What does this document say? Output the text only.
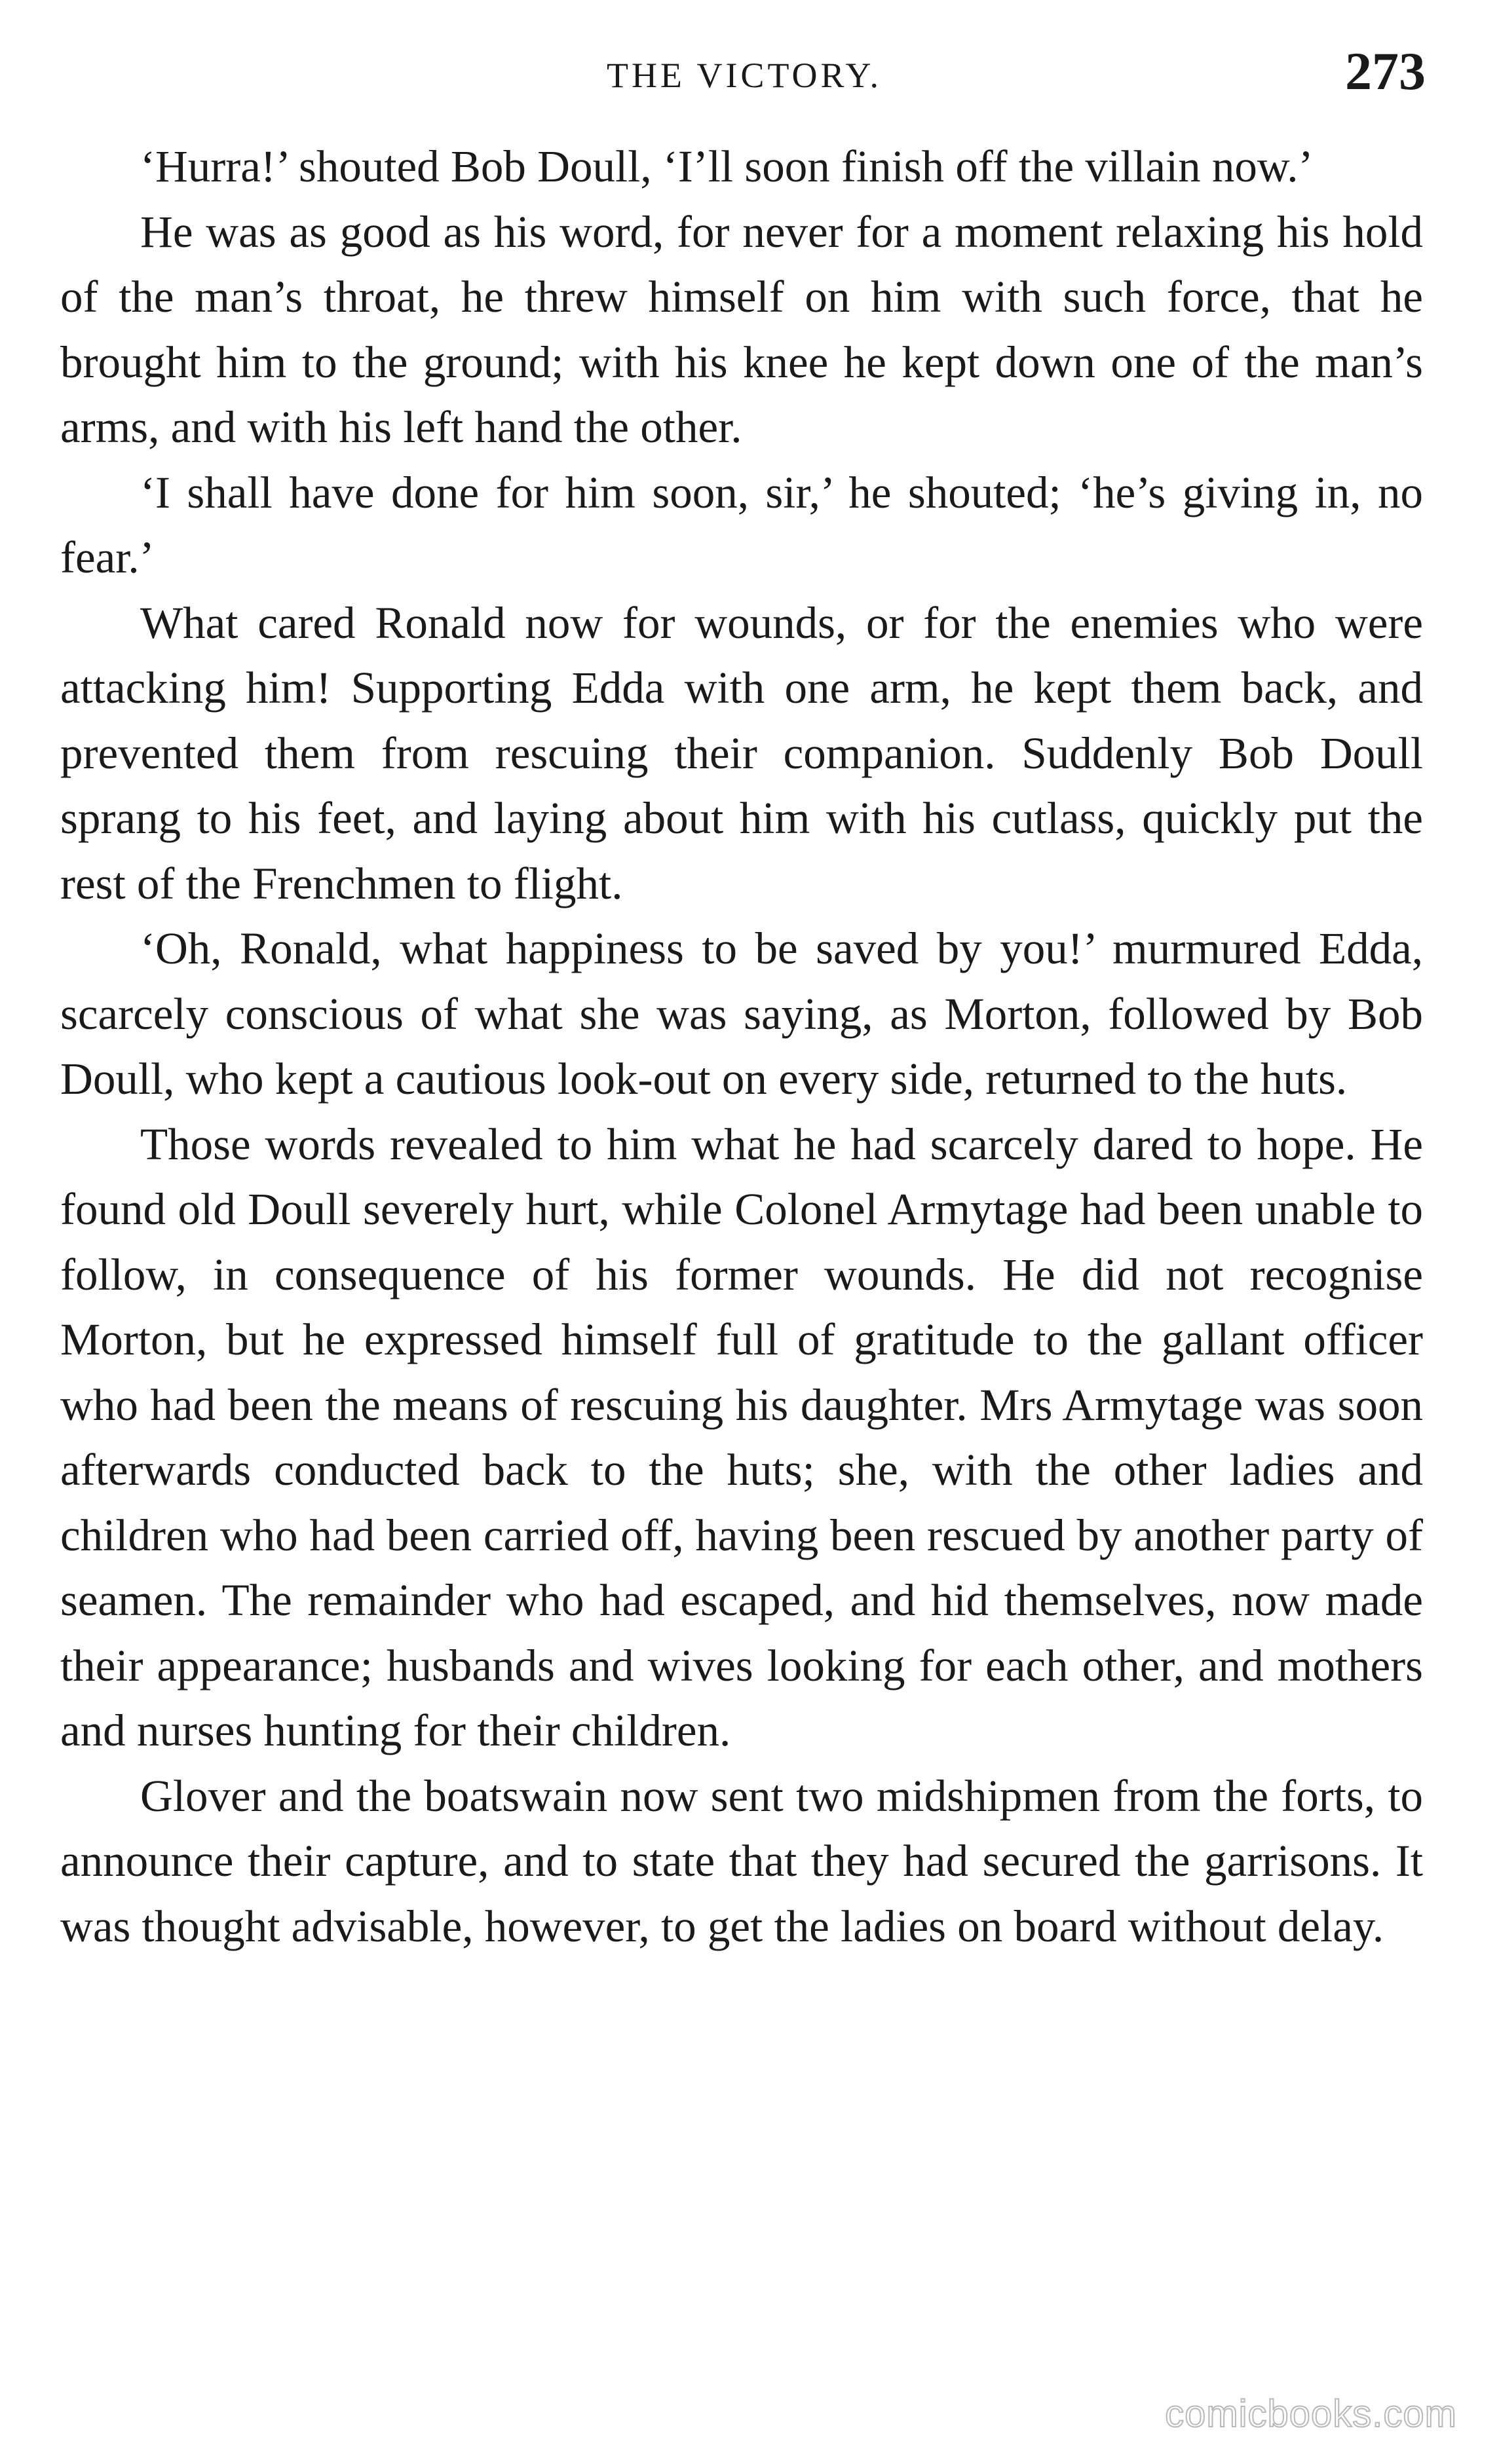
THE VICTORY.	273

‘Hurra!’ shouted Bob Doull, ‘I’ll soon finish off the villain now.’

He was as good as his word, for never for a moment relaxing his hold of the man’s throat, he threw himself on him with such force, that he brought him to the ground; with his knee he kept down one of the man’s arms, and with his left hand the other.

‘I shall have done for him soon, sir,’ he shouted; ‘he’s giving in, no fear.’

What cared Ronald now for wounds, or for the enemies who were attacking him! Supporting Edda with one arm, he kept them back, and prevented them from rescuing their companion. Suddenly Bob Doull sprang to his feet, and laying about him with his cutlass, quickly put the rest of the Frenchmen to flight.

‘Oh, Ronald, what happiness to be saved by you!’ murmured Edda, scarcely conscious of what she was saying, as Morton, followed by Bob Doull, who kept a cautious look-out on every side, returned to the huts.

Those words revealed to him what he had scarcely dared to hope. He found old Doull severely hurt, while Colonel Armytage had been unable to follow, in consequence of his former wounds. He did not recognise Morton, but he expressed himself full of gratitude to the gallant officer who had been the means of rescuing his daughter. Mrs Armytage was soon afterwards conducted back to the huts; she, with the other ladies and children who had been carried off, having been rescued by another party of seamen. The remainder who had escaped, and hid themselves, now made their appearance; husbands and wives looking for each other, and mothers and nurses hunting for their children.

Glover and the boatswain now sent two midshipmen from the forts, to announce their capture, and to state that they had secured the garrisons. It was thought advisable, however, to get the ladies on board without delay.

comicbooks.com
